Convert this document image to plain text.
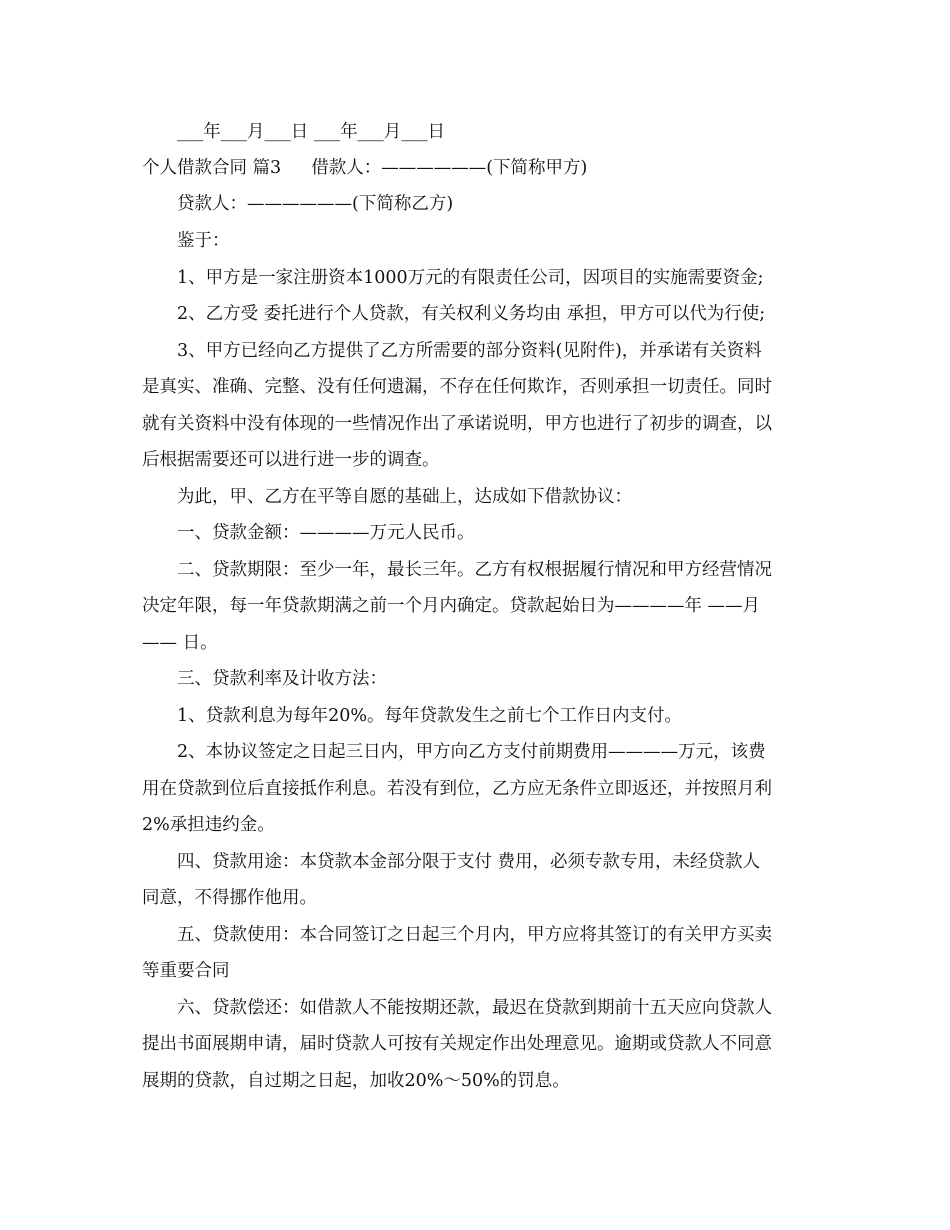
___年___月___日 ___年___月___日
个人借款合同 篇3 借款人：——————(下简称甲方)
贷款人：——————(下简称乙方)
鉴于：
1、甲方是一家注册资本1000万元的有限责任公司，因项目的实施需要资金;
2、乙方受 委托进行个人贷款，有关权利义务均由 承担，甲方可以代为行使;
3、甲方已经向乙方提供了乙方所需要的部分资料(见附件)，并承诺有关资料
是真实、准确、完整、没有任何遗漏，不存在任何欺诈，否则承担一切责任。同时
就有关资料中没有体现的一些情况作出了承诺说明，甲方也进行了初步的调查，以
后根据需要还可以进行进一步的调查。
为此，甲、乙方在平等自愿的基础上，达成如下借款协议：
一、贷款金额：————万元人民币。
二、贷款期限：至少一年，最长三年。乙方有权根据履行情况和甲方经营情况
决定年限，每一年贷款期满之前一个月内确定。贷款起始日为————年 ——月
—— 日。
三、贷款利率及计收方法：
1、贷款利息为每年20%。每年贷款发生之前七个工作日内支付。
2、本协议签定之日起三日内，甲方向乙方支付前期费用————万元，该费
用在贷款到位后直接抵作利息。若没有到位，乙方应无条件立即返还，并按照月利
2%承担违约金。
四、贷款用途：本贷款本金部分限于支付 费用，必须专款专用，未经贷款人
同意，不得挪作他用。
五、贷款使用：本合同签订之日起三个月内，甲方应将其签订的有关甲方买卖
等重要合同
六、贷款偿还：如借款人不能按期还款，最迟在贷款到期前十五天应向贷款人
提出书面展期申请，届时贷款人可按有关规定作出处理意见。逾期或贷款人不同意
展期的贷款，自过期之日起，加收20%～50%的罚息。
